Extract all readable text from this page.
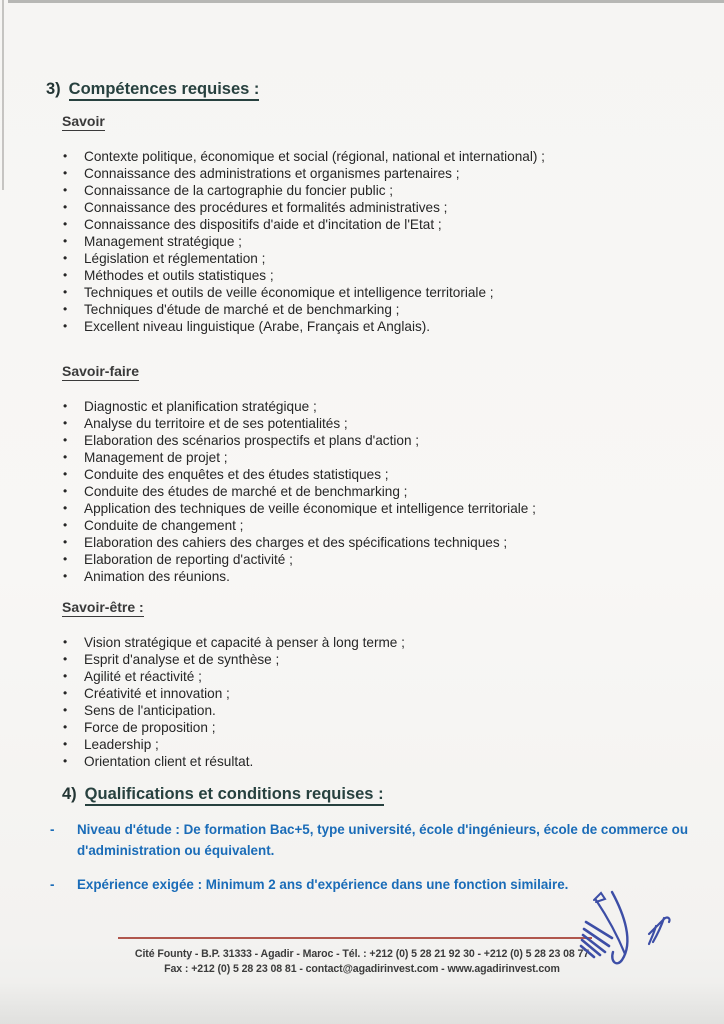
3) Compétences requises :
Savoir
•	Contexte politique, économique et social (régional, national et international) ;
•	Connaissance des administrations et organismes partenaires ;
•	Connaissance de la cartographie du foncier public ;
•	Connaissance des procédures et formalités administratives ;
•	Connaissance des dispositifs d'aide et d'incitation de l'Etat ;
•	Management stratégique ;
•	Législation et réglementation ;
•	Méthodes et outils statistiques ;
•	Techniques et outils de veille économique et intelligence territoriale ;
•	Techniques d'étude de marché et de benchmarking ;
•	Excellent niveau linguistique (Arabe, Français et Anglais).
Savoir-faire
•	Diagnostic et planification stratégique ;
•	Analyse du territoire et de ses potentialités ;
•	Elaboration des scénarios prospectifs et plans d'action ;
•	Management de projet ;
•	Conduite des enquêtes et des études statistiques ;
•	Conduite des études de marché et de benchmarking ;
•	Application des techniques de veille économique et intelligence territoriale ;
•	Conduite de changement ;
•	Elaboration des cahiers des charges et des spécifications techniques ;
•	Elaboration de reporting d'activité ;
•	Animation des réunions.
Savoir-être :
•	Vision stratégique et capacité à penser à long terme ;
•	Esprit d'analyse et de synthèse ;
•	Agilité et réactivité ;
•	Créativité et innovation ;
•	Sens de l'anticipation.
•	Force de proposition ;
•	Leadership ;
•	Orientation client et résultat.
4) Qualifications et conditions requises :
-	Niveau d'étude : De formation Bac+5, type université, école d'ingénieurs, école de commerce ou d'administration ou équivalent.
-	Expérience exigée : Minimum 2 ans d'expérience dans une fonction similaire.
Cité Founty - B.P. 31333 - Agadir - Maroc - Tél. : +212 (0) 5 28 21 92 30 - +212 (0) 5 28 23 08 77
Fax : +212 (0) 5 28 23 08 81 - contact@agadirinvest.com - www.agadirinvest.com
